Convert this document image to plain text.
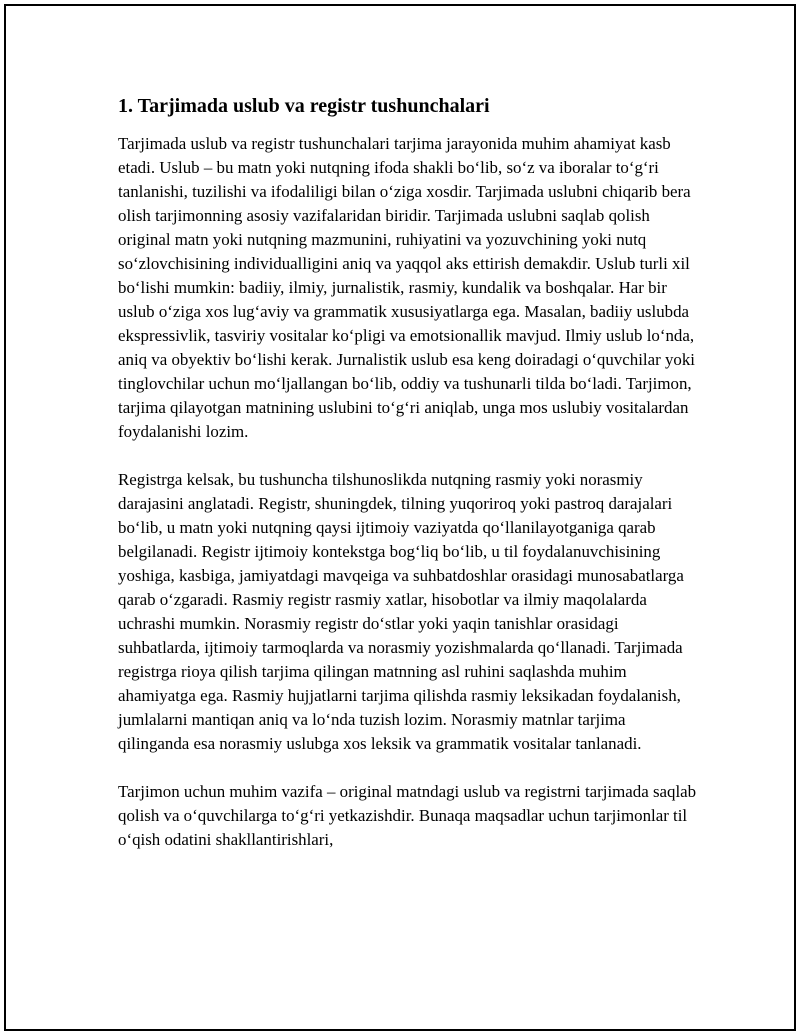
1. Tarjimada uslub va registr tushunchalari

Tarjimada uslub va registr tushunchalari tarjima jarayonida muhim ahamiyat kasb etadi. Uslub – bu matn yoki nutqning ifoda shakli bo‘lib, so‘z va iboralar to‘g‘ri tanlanishi, tuzilishi va ifodaliligi bilan o‘ziga xosdir. Tarjimada uslubni chiqarib bera olish tarjimonning asosiy vazifalaridan biridir. Tarjimada uslubni saqlab qolish original matn yoki nutqning mazmunini, ruhiyatini va yozuvchining yoki nutq so‘zlovchisining individualligini aniq va yaqqol aks ettirish demakdir. Uslub turli xil bo‘lishi mumkin: badiiy, ilmiy, jurnalistik, rasmiy, kundalik va boshqalar. Har bir uslub o‘ziga xos lug‘aviy va grammatik xususiyatlarga ega. Masalan, badiiy uslubda ekspressivlik, tasviriy vositalar ko‘pligi va emotsionallik mavjud. Ilmiy uslub lo‘nda, aniq va obyektiv bo‘lishi kerak. Jurnalistik uslub esa keng doiradagi o‘quvchilar yoki tinglovchilar uchun mo‘ljallangan bo‘lib, oddiy va tushunarli tilda bo‘ladi. Tarjimon, tarjima qilayotgan matnining uslubini to‘g‘ri aniqlab, unga mos uslubiy vositalardan foydalanishi lozim.

Registrga kelsak, bu tushuncha tilshunoslikda nutqning rasmiy yoki norasmiy darajasini anglatadi. Registr, shuningdek, tilning yuqoriroq yoki pastroq darajalari bo‘lib, u matn yoki nutqning qaysi ijtimoiy vaziyatda qo‘llanilayotganiga qarab belgilanadi. Registr ijtimoiy kontekstga bog‘liq bo‘lib, u til foydalanuvchisining yoshiga, kasbiga, jamiyatdagi mavqeiga va suhbatdoshlar orasidagi munosabatlarga qarab o‘zgaradi. Rasmiy registr rasmiy xatlar, hisobotlar va ilmiy maqolalarda uchrashi mumkin. Norasmiy registr do‘stlar yoki yaqin tanishlar orasidagi suhbatlarda, ijtimoiy tarmoqlarda va norasmiy yozishmalarda qo‘llanadi. Tarjimada registrga rioya qilish tarjima qilingan matnning asl ruhini saqlashda muhim ahamiyatga ega. Rasmiy hujjatlarni tarjima qilishda rasmiy leksikadan foydalanish, jumlalarni mantiqan aniq va lo‘nda tuzish lozim. Norasmiy matnlar tarjima qilinganda esa norasmiy uslubga xos leksik va grammatik vositalar tanlanadi.

Tarjimon uchun muhim vazifa – original matndagi uslub va registrni tarjimada saqlab qolish va o‘quvchilarga to‘g‘ri yetkazishdir. Bunaqa maqsadlar uchun tarjimonlar til o‘qish odatini shakllantirishlari,
